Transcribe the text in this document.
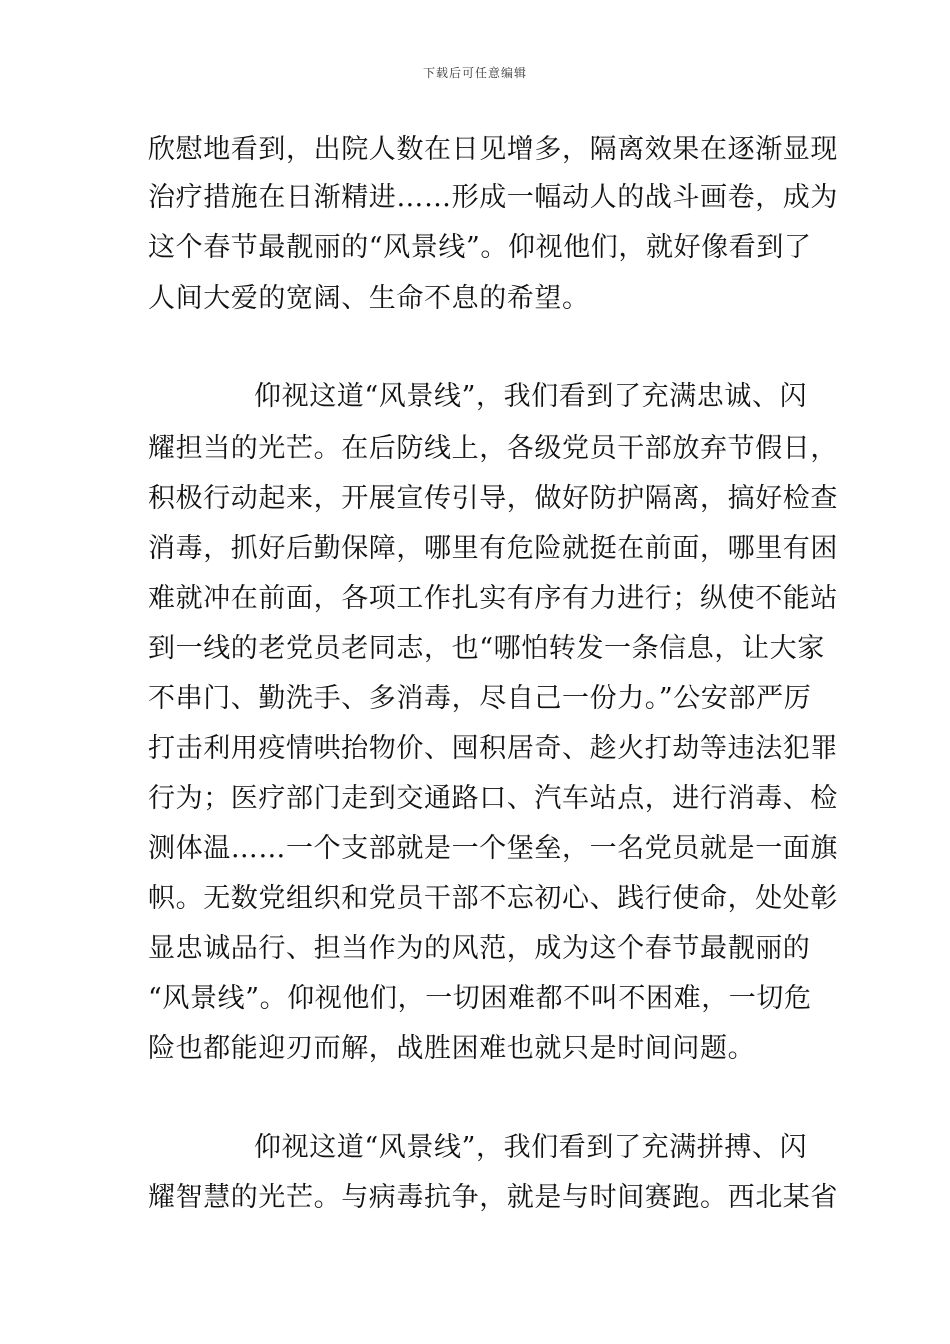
下载后可任意编辑
欣慰地看到，出院人数在日见增多，隔离效果在逐渐显现
治疗措施在日渐精进……形成一幅动人的战斗画卷，成为
这个春节最靓丽的“风景线”。仰视他们，就好像看到了
人间大爱的宽阔、生命不息的希望。
仰视这道“风景线”，我们看到了充满忠诚、闪
耀担当的光芒。在后防线上，各级党员干部放弃节假日，
积极行动起来，开展宣传引导，做好防护隔离，搞好检查
消毒，抓好后勤保障，哪里有危险就挺在前面，哪里有困
难就冲在前面，各项工作扎实有序有力进行；纵使不能站
到一线的老党员老同志，也“哪怕转发一条信息，让大家
不串门、勤洗手、多消毒，尽自己一份力。”公安部严厉
打击利用疫情哄抬物价、囤积居奇、趁火打劫等违法犯罪
行为；医疗部门走到交通路口、汽车站点，进行消毒、检
测体温……一个支部就是一个堡垒，一名党员就是一面旗
帜。无数党组织和党员干部不忘初心、践行使命，处处彰
显忠诚品行、担当作为的风范，成为这个春节最靓丽的
“风景线”。仰视他们，一切困难都不叫不困难，一切危
险也都能迎刃而解，战胜困难也就只是时间问题。
仰视这道“风景线”，我们看到了充满拼搏、闪
耀智慧的光芒。与病毒抗争，就是与时间赛跑。西北某省
